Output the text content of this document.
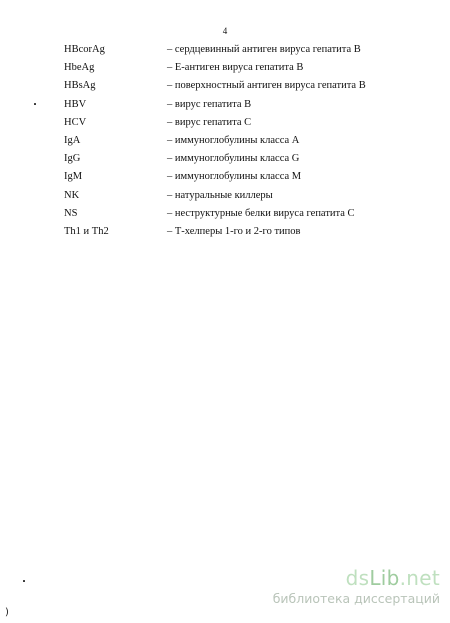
4
HBcorAg	– сердцевинный антиген вируса гепатита В
HbeAg	– Е-антиген вируса гепатита В
HBsAg	– поверхностный антиген вируса гепатита В
HBV	– вирус гепатита В
HCV	– вирус гепатита С
IgA	– иммуноглобулины класса А
IgG	– иммуноглобулины класса G
IgM	– иммуноглобулины класса М
NK	– натуральные киллеры
NS	– неструктурные белки вируса гепатита С
Th1 и Th2	– Т-хелперы 1-го и 2-го типов
)
dsLib.net
библиотека диссертаций
